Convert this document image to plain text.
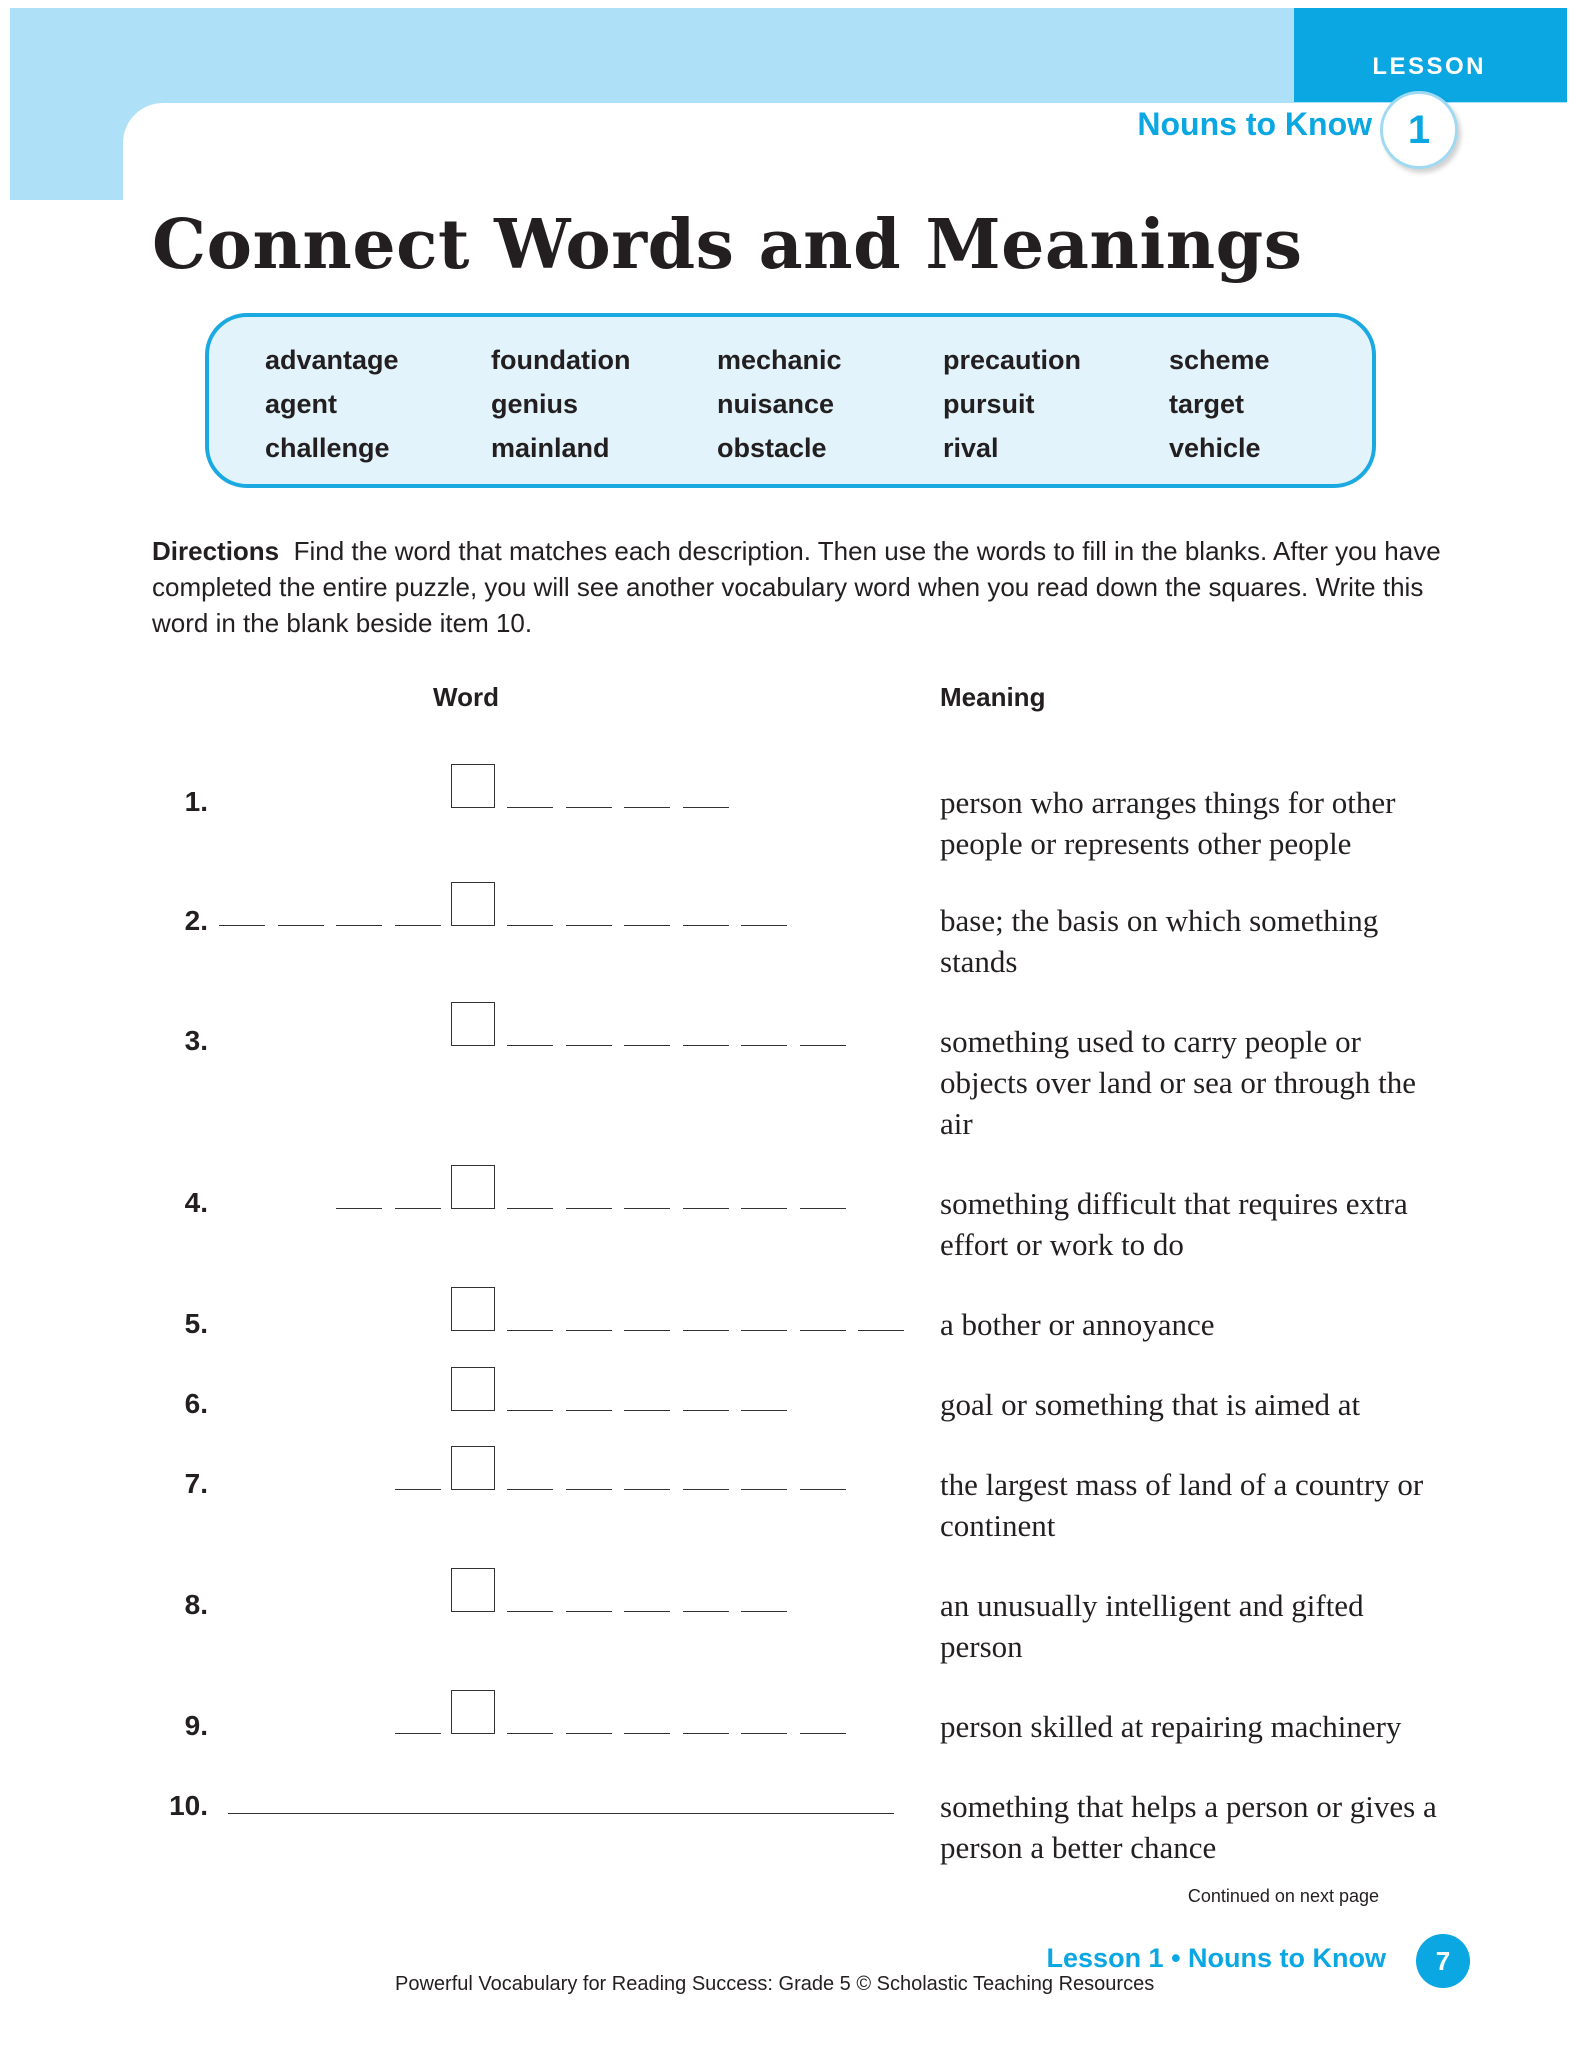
LESSON
Nouns to Know 1
Connect Words and Meanings
advantage
agent
challenge
foundation
genius
mainland
mechanic
nuisance
obstacle
precaution
pursuit
rival
scheme
target
vehicle
Directions Find the word that matches each description. Then use the words to fill in the blanks. After you have completed the entire puzzle, you will see another vocabulary word when you read down the squares. Write this word in the blank beside item 10.
Word	Meaning
1.	person who arranges things for other people or represents other people
2.	base; the basis on which something stands
3.	something used to carry people or objects over land or sea or through the air
4.	something difficult that requires extra effort or work to do
5.	a bother or annoyance
6.	goal or something that is aimed at
7.	the largest mass of land of a country or continent
8.	an unusually intelligent and gifted person
9.	person skilled at repairing machinery
10.	something that helps a person or gives a person a better chance
Continued on next page
Lesson 1 • Nouns to Know	7
Powerful Vocabulary for Reading Success: Grade 5 © Scholastic Teaching Resources
